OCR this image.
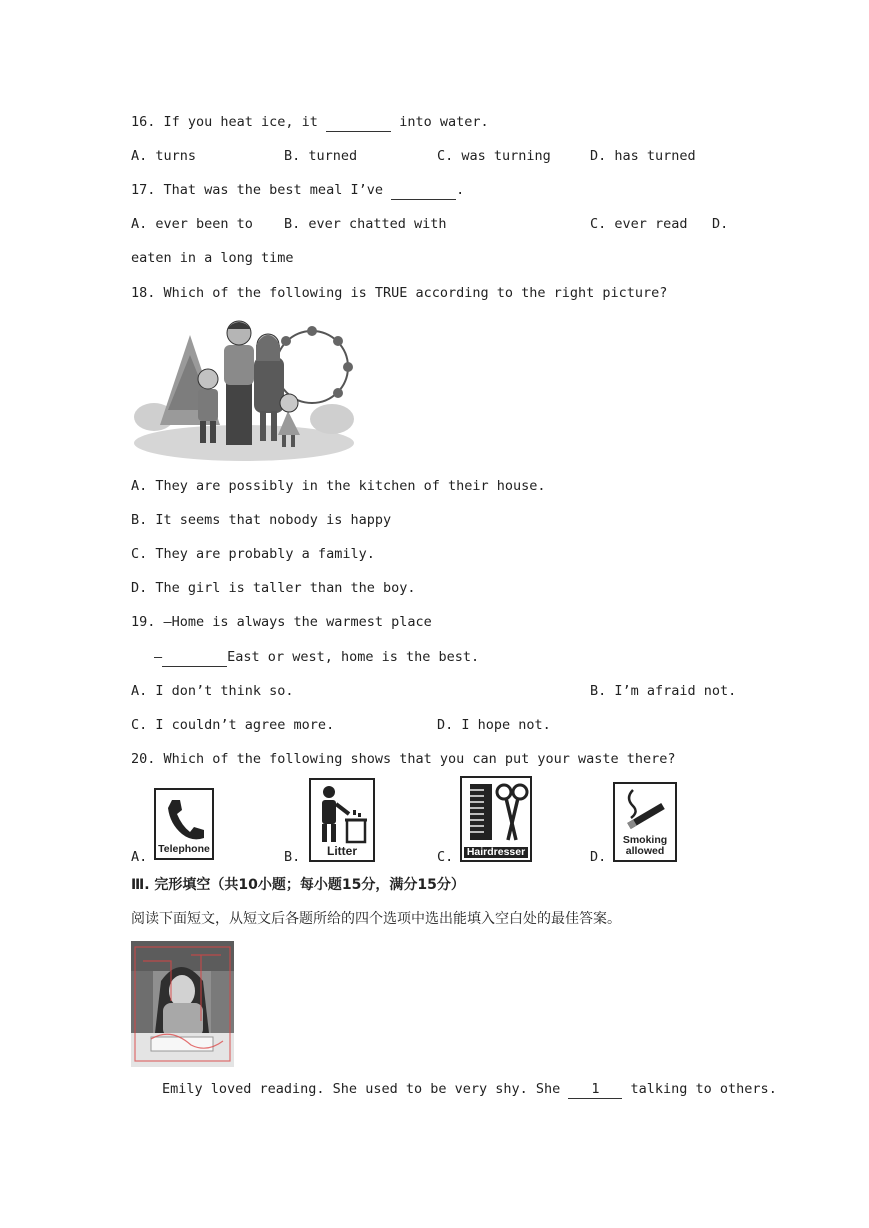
16. If you heat ice, it	into water.
A. turns	B. turned	C. was turning	D. has turned
17. That was the best meal I’ve	.
A. ever been to B. ever chatted with	C. ever read D.
eaten in a long time
18. Which of the following is TRUE according to the right picture?
A. They are possibly in the kitchen of their house.
B. It seems that nobody is happy
C. They are probably a family.
D. The girl is taller than the boy.
19. —Home is always the warmest place
—	East or west, home is the best.
A. I don’t think so.	B. I’m afraid not.
C. I couldn’t agree more.	D. I hope not.
20. Which of the following shows that you can put your waste there?
A. Telephone	B.	Litter	C. Hairdresser	D.
Smoking allowed
Ⅲ. 完形填空（共10小题；每小题15分，满分15分）
阅读下面短文，从短文后各题所给的四个选项中选出能填入空白处的最佳答案。
Emily loved reading. She used to be very shy. She 1 talking to others.
